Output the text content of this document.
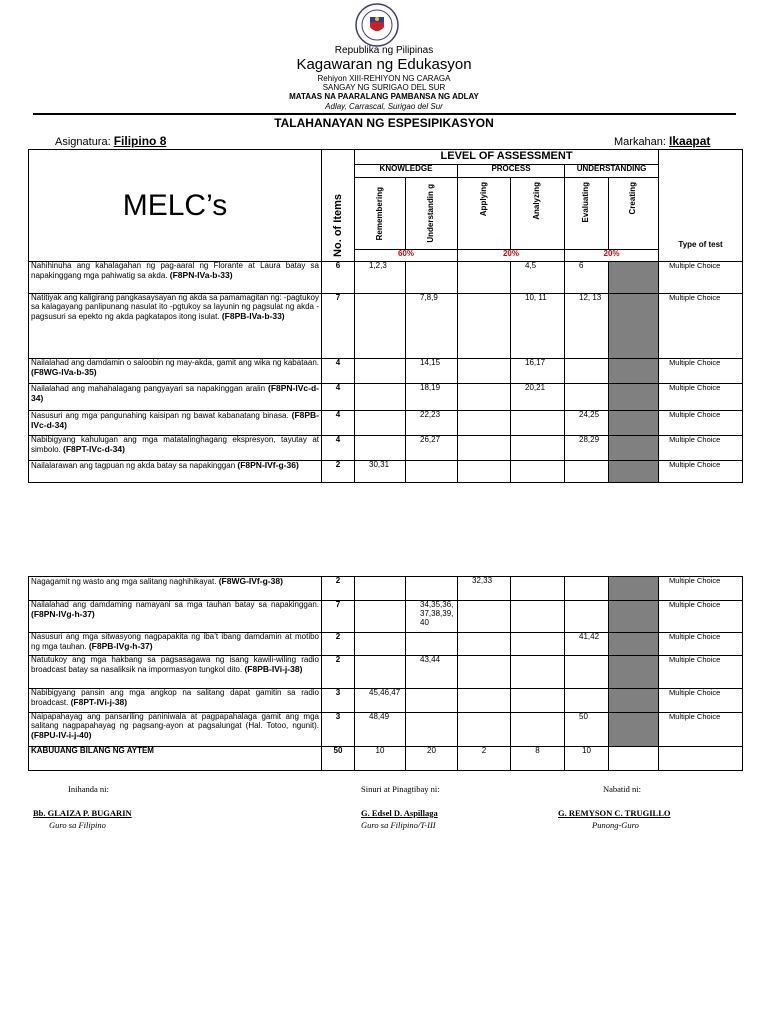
Republika ng Pilipinas
Kagawaran ng Edukasyon
Rehiyon XIII-REHIYON NG CARAGA
SANGAY NG SURIGAO DEL SUR
MATAAS NA PAARALANG PAMBANSA NG ADLAY
Adlay, Carrascal, Surigao del Sur
TALAHANAYAN NG ESPESIPIKASYON
Asignatura: Filipino 8	Markahan: Ikaapat
MELC’s	No. of Items	LEVEL OF ASSESSMENT						Type of test
		KNOWLEDGE		PROCESS		UNDERSTANDING		

		Remembering	Understandin g	Applying	Analyzing	Evaluating	Creating	

		60%		20%		20%		
Nahihinuha ang kahalagahan ng pag-aaral ng Florante at Laura batay sa napakinggang mga pahiwatig sa akda. (F8PN-IVa-b-33)	6	1,2,3			4,5	6		Multiple Choice
Natitiyak ang kaligirang pangkasaysayan ng akda sa pamamagitan ng: -pagtukoy sa kalagayang panlipunang nasulat ito -pgtukoy sa layunin ng pagsulat ng akda -pagsusuri sa epekto ng akda pagkatapos itong isulat. (F8PB-IVa-b-33)	7		7,8,9		10, 11	12, 13		Multiple Choice
Nailalahad ang damdamin o saloobin ng may-akda, gamit ang wika ng kabataan. (F8WG-IVa-b-35)	4		14,15		16,17			Multiple Choice
Nailalahad ang mahahalagang pangyayari sa napakinggan aralin (F8PN-IVc-d-34)	4		18,19		20,21			Multiple Choice
Nasusuri ang mga pangunahing kaisipan ng bawat kabanatang binasa. (F8PB-IVc-d-34)	4		22,23			24,25		Multiple Choice
Nabibigyang kahulugan ang mga matatalinghagang ekspresyon, tayutay at simbolo. (F8PT-IVc-d-34)	4		26,27			28,29		Multiple Choice
Nailalarawan ang tagpuan ng akda batay sa napakinggan (F8PN-IVf-g-36)	2	30,31						Multiple Choice
Nagagamit ng wasto ang mga salitang naghihikayat. (F8WG-IVf-g-38)	2			32,33				Multiple Choice
Nailalahad ang damdaming namayani sa mga tauhan batay sa napakinggan. (F8PN-IVg-h-37)	7		34,35,36, 37,38,39, 40					Multiple Choice
Nasusuri ang mga sitwasyong nagpapakita ng iba’t ibang damdamin at motibo ng mga tauhan. (F8PB-IVg-h-37)	2					41,42		Multiple Choice
Natutukoy ang mga hakbang sa pagsasagawa ng isang kawili-wiling radio broadcast batay sa nasaliksik na impormasyon tungkol dito. (F8PB-IVi-j-38)	2		43,44					Multiple Choice
Nabibigyang pansin ang mga angkop na salitang dapat gamitin sa radio broadcast. (F8PT-IVi-j-38)	3	45,46,47						Multiple Choice
Naipapahayag ang pansariling paniniwala at pagpapahalaga gamit ang mga salitang nagpapahayag ng pagsang-ayon at pagsalungat (Hal. Totoo, ngunit). (F8PU-IV-i-j-40)	3	48,49				50		Multiple Choice
KABUUANG BILANG NG AYTEM	50	10	20	2	8	10		
Inihanda ni:	Sinuri at Pinagtibay ni:	Nabatid ni:
Bb. GLAIZA P. BUGARIN	G. Edsel D. Aspillaga	G. REMYSON C. TRUGILLO
Guro sa Filipino	Guro sa Filipino/T-III	Punong-Guro
